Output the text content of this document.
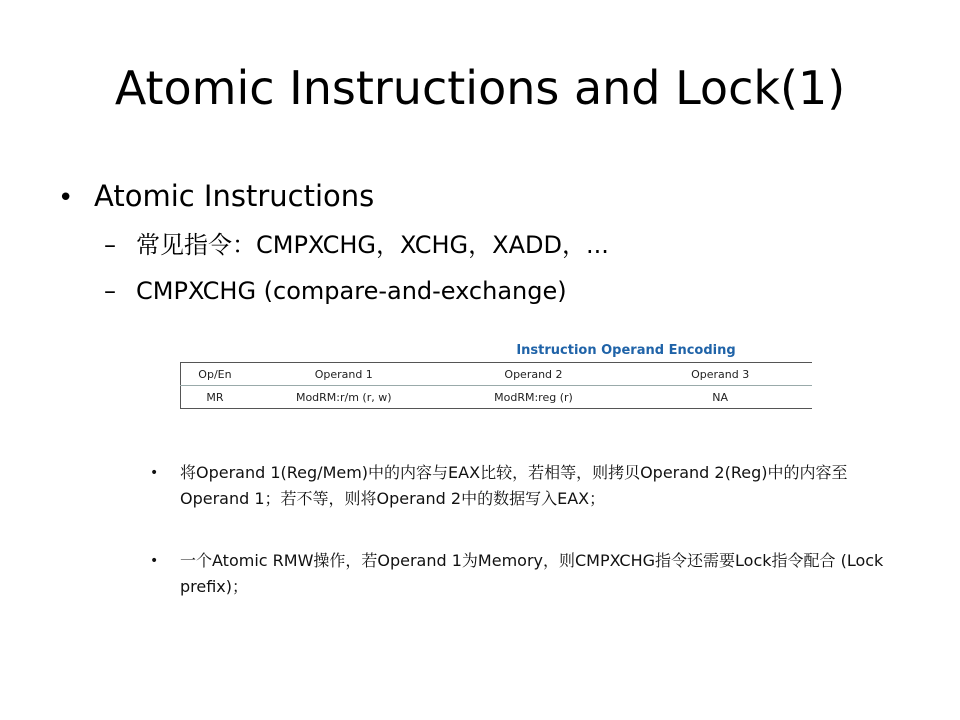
Atomic Instructions and Lock(1)
• Atomic Instructions
– 常见指令：CMPXCHG，XCHG，XADD，...
– CMPXCHG (compare-and-exchange)
Instruction Operand Encoding
Op/En	Operand 1	Operand 2	Operand 3
MR	ModRM:r/m (r, w)	ModRM:reg (r)	NA
• 将Operand 1(Reg/Mem)中的内容与EAX比较，若相等，则拷贝Operand 2(Reg)中的内容至Operand 1；若不等，则将Operand 2中的数据写入EAX；
• 一个Atomic RMW操作，若Operand 1为Memory，则CMPXCHG指令还需要Lock指令配合 (Lock prefix)；
